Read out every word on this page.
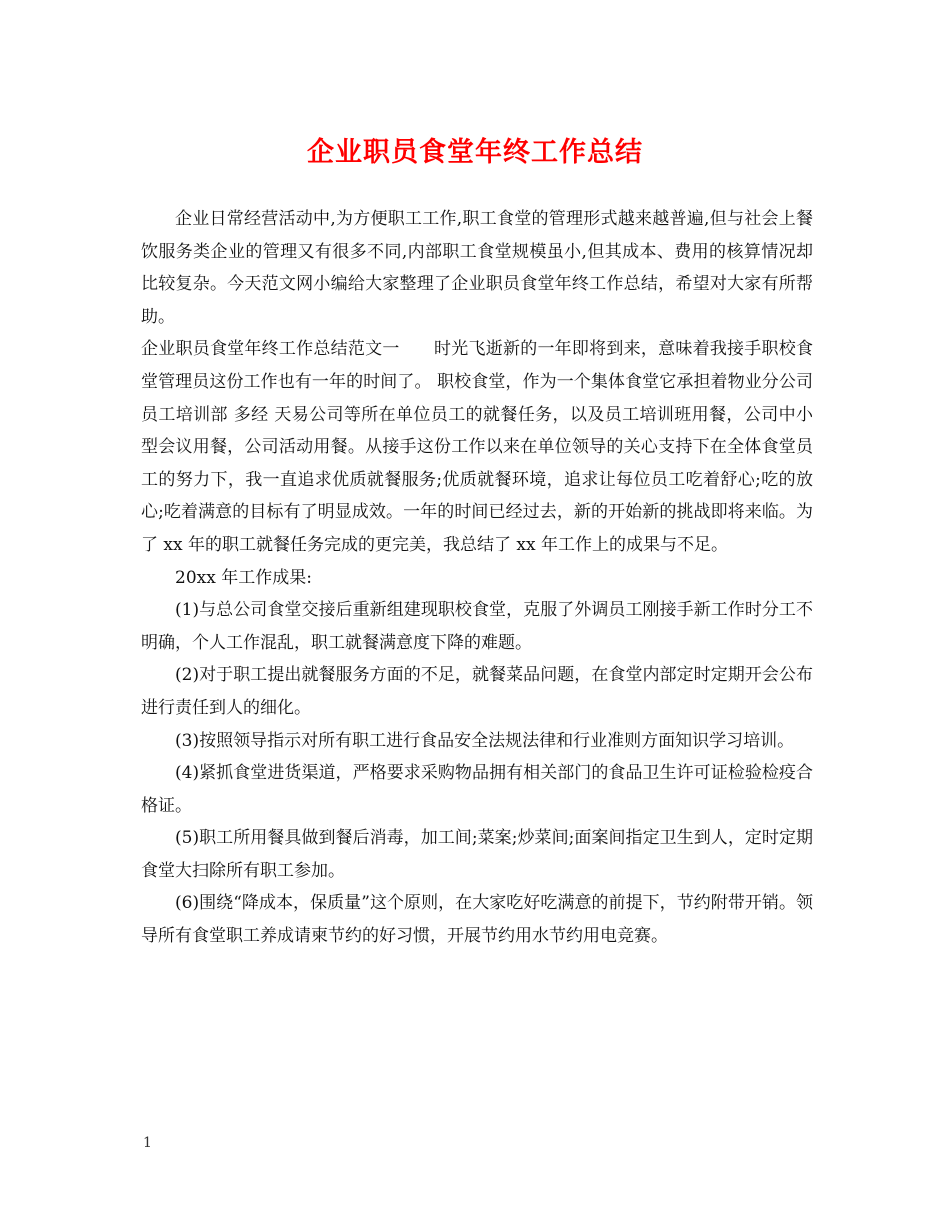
企业职员食堂年终工作总结

企业日常经营活动中,为方便职工工作,职工食堂的管理形式越来越普遍,但与社会上餐饮服务类企业的管理又有很多不同,内部职工食堂规模虽小,但其成本、费用的核算情况却比较复杂。今天范文网小编给大家整理了企业职员食堂年终工作总结，希望对大家有所帮助。

企业职员食堂年终工作总结范文一　　时光飞逝新的一年即将到来，意味着我接手职校食堂管理员这份工作也有一年的时间了。 职校食堂，作为一个集体食堂它承担着物业分公司 员工培训部 多经 天易公司等所在单位员工的就餐任务，以及员工培训班用餐，公司中小型会议用餐，公司活动用餐。从接手这份工作以来在单位领导的关心支持下在全体食堂员工的努力下，我一直追求优质就餐服务;优质就餐环境，追求让每位员工吃着舒心;吃的放心;吃着满意的目标有了明显成效。一年的时间已经过去，新的开始新的挑战即将来临。为了 xx 年的职工就餐任务完成的更完美，我总结了 xx 年工作上的成果与不足。

20xx 年工作成果:

(1)与总公司食堂交接后重新组建现职校食堂，克服了外调员工刚接手新工作时分工不明确，个人工作混乱，职工就餐满意度下降的难题。

(2)对于职工提出就餐服务方面的不足，就餐菜品问题，在食堂内部定时定期开会公布 进行责任到人的细化。

(3)按照领导指示对所有职工进行食品安全法规法律和行业准则方面知识学习培训。

(4)紧抓食堂进货渠道，严格要求采购物品拥有相关部门的食品卫生许可证检验检疫合格证。

(5)职工所用餐具做到餐后消毒，加工间;菜案;炒菜间;面案间指定卫生到人，定时定期食堂大扫除所有职工参加。

(6)围绕“降成本，保质量”这个原则，在大家吃好吃满意的前提下，节约附带开销。领导所有食堂职工养成请柬节约的好习惯，开展节约用水节约用电竞赛。

1
